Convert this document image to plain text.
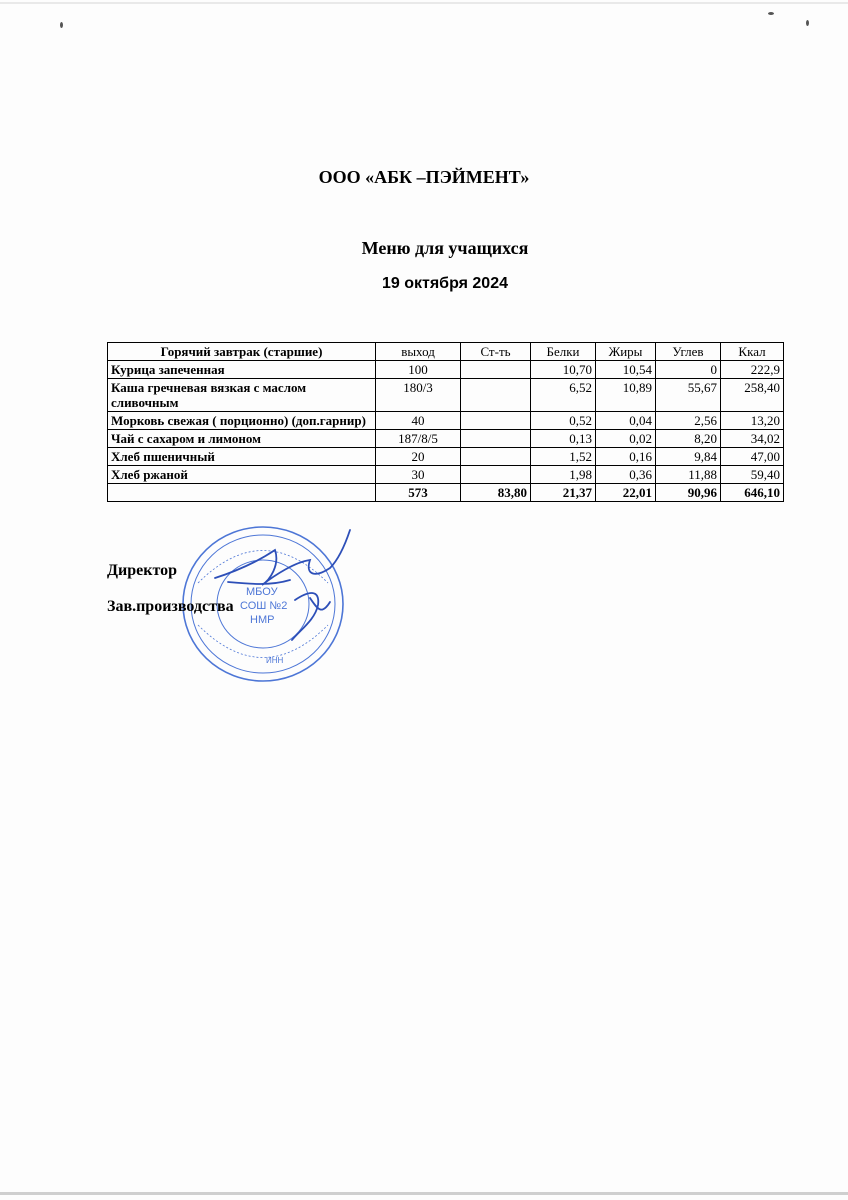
ООО «АБК –ПЭЙМЕНТ»
Меню для учащихся
19 октября 2024
Горячий завтрак (старшие)	выход	Ст-ть	Белки	Жиры	Углев	Ккал
Курица запеченная	100		10,70	10,54	0	222,9
Каша гречневая вязкая с маслом сливочным	180/3		6,52	10,89	55,67	258,40
Морковь свежая ( порционно) (доп.гарнир)	40		0,52	0,04	2,56	13,20
Чай с сахаром и лимоном	187/8/5		0,13	0,02	8,20	34,02
Хлеб пшеничный	20		1,52	0,16	9,84	47,00
Хлеб ржаной	30		1,98	0,36	11,88	59,40
	573	83,80	21,37	22,01	90,96	646,10
МБОУ
СОШ №2
НМР
ИНН
Директор
Зав.производства
